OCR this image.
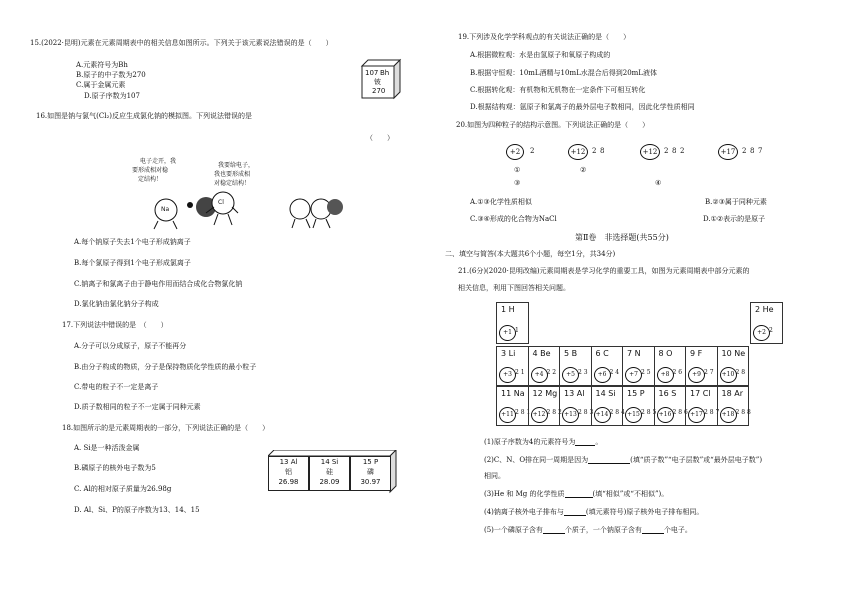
15.(2022·昆明)元素在元素周期表中的相关信息如图所示。下列关于该元素说法错误的是（　　）
A.元素符号为Bh
B.原子的中子数为270
C.属于金属元素
D.原子序数为107
107 Bh
铍
270
16.如图是钠与氯气(Cl₂)反应生成氯化钠的模拟图。下列说法错误的是
（　　）
电子走开，我
要形成相对稳
定结构！
我要给电子，
我也要形成相
对稳定结构！
Na
Cl
A.每个钠原子失去1个电子形成钠离子
B.每个氯原子得到1个电子形成氯离子
C.钠离子和氯离子由于静电作用而结合成化合物氯化钠
D.氯化钠由氯化钠分子构成
17.下列说法中错误的是　（　　）
A.分子可以分成原子，原子不能再分
B.由分子构成的物质，分子是保持物质化学性质的最小粒子
C.带电的粒子不一定是离子
D.质子数相同的粒子不一定属于同种元素
18.如图所示的是元素周期表的一部分，下列说法正确的是（　　）
A. Si是一种活泼金属
B.磷原子的核外电子数为5
C. Al的相对原子质量为26.98g
D. Al、Si、P的原子序数为13、14、15
13 Al
铝
26.98
14 Si
硅
28.09
15 P
磷
30.97
19.下列涉及化学学科观点的有关说法正确的是（　　）
A.根据微粒观：水是由氢原子和氧原子构成的
B.根据守恒观：10mL酒精与10mL水混合后得到20mL液体
C.根据转化观：有机物和无机物在一定条件下可相互转化
D.根据结构观：氩原子和氯离子的最外层电子数相同，因此化学性质相同
20.如图为四种粒子的结构示意图。下列说法正确的是（　　）
+2	2	+12 2 8	+12 2 8 2	+17 2 8 7
①	②
③	④
A.①③化学性质相似	B.②③属于同种元素
C.③④形成的化合物为NaCl	D.①②表示的是原子
第Ⅱ卷　非选择题(共55分)
二、填空与简答(本大题共6个小题，每空1分，共34分)
21.(6分)(2020·昆明改编)元素周期表是学习化学的重要工具，如图为元素周期表中部分元素的
相关信息，利用下图回答相关问题。
1 H
+1 1
2 He
+2 2
3 Li
+3 2 1
4 Be
+4 2 2
5 B
+5 2 3
6 C
+6 2 4
7 N
+7 2 5
8 O
+8 2 6
9 F
+9 2 7
10 Ne
+10 2 8
11 Na
+11 2 8 1
12 Mg
+12 2 8 2
13 Al
+13 2 8 3
14 Si
+14 2 8 4
15 P
+15 2 8 5
16 S
+16 2 8 6
17 Cl
+17 2 8 7
18 Ar
+18 2 8 8
(1)原子序数为4的元素符号为	。
(2)C、N、O排在同一周期是因为	(填“质子数”“电子层数”或“最外层电子数”)
相同。
(3)He 和 Mg 的化学性质	(填“相似”或“不相似”)。
(4)钠离子核外电子排布与	(填元素符号)原子核外电子排布相同。
(5)一个磷原子含有	个质子，一个钠原子含有	个电子。
